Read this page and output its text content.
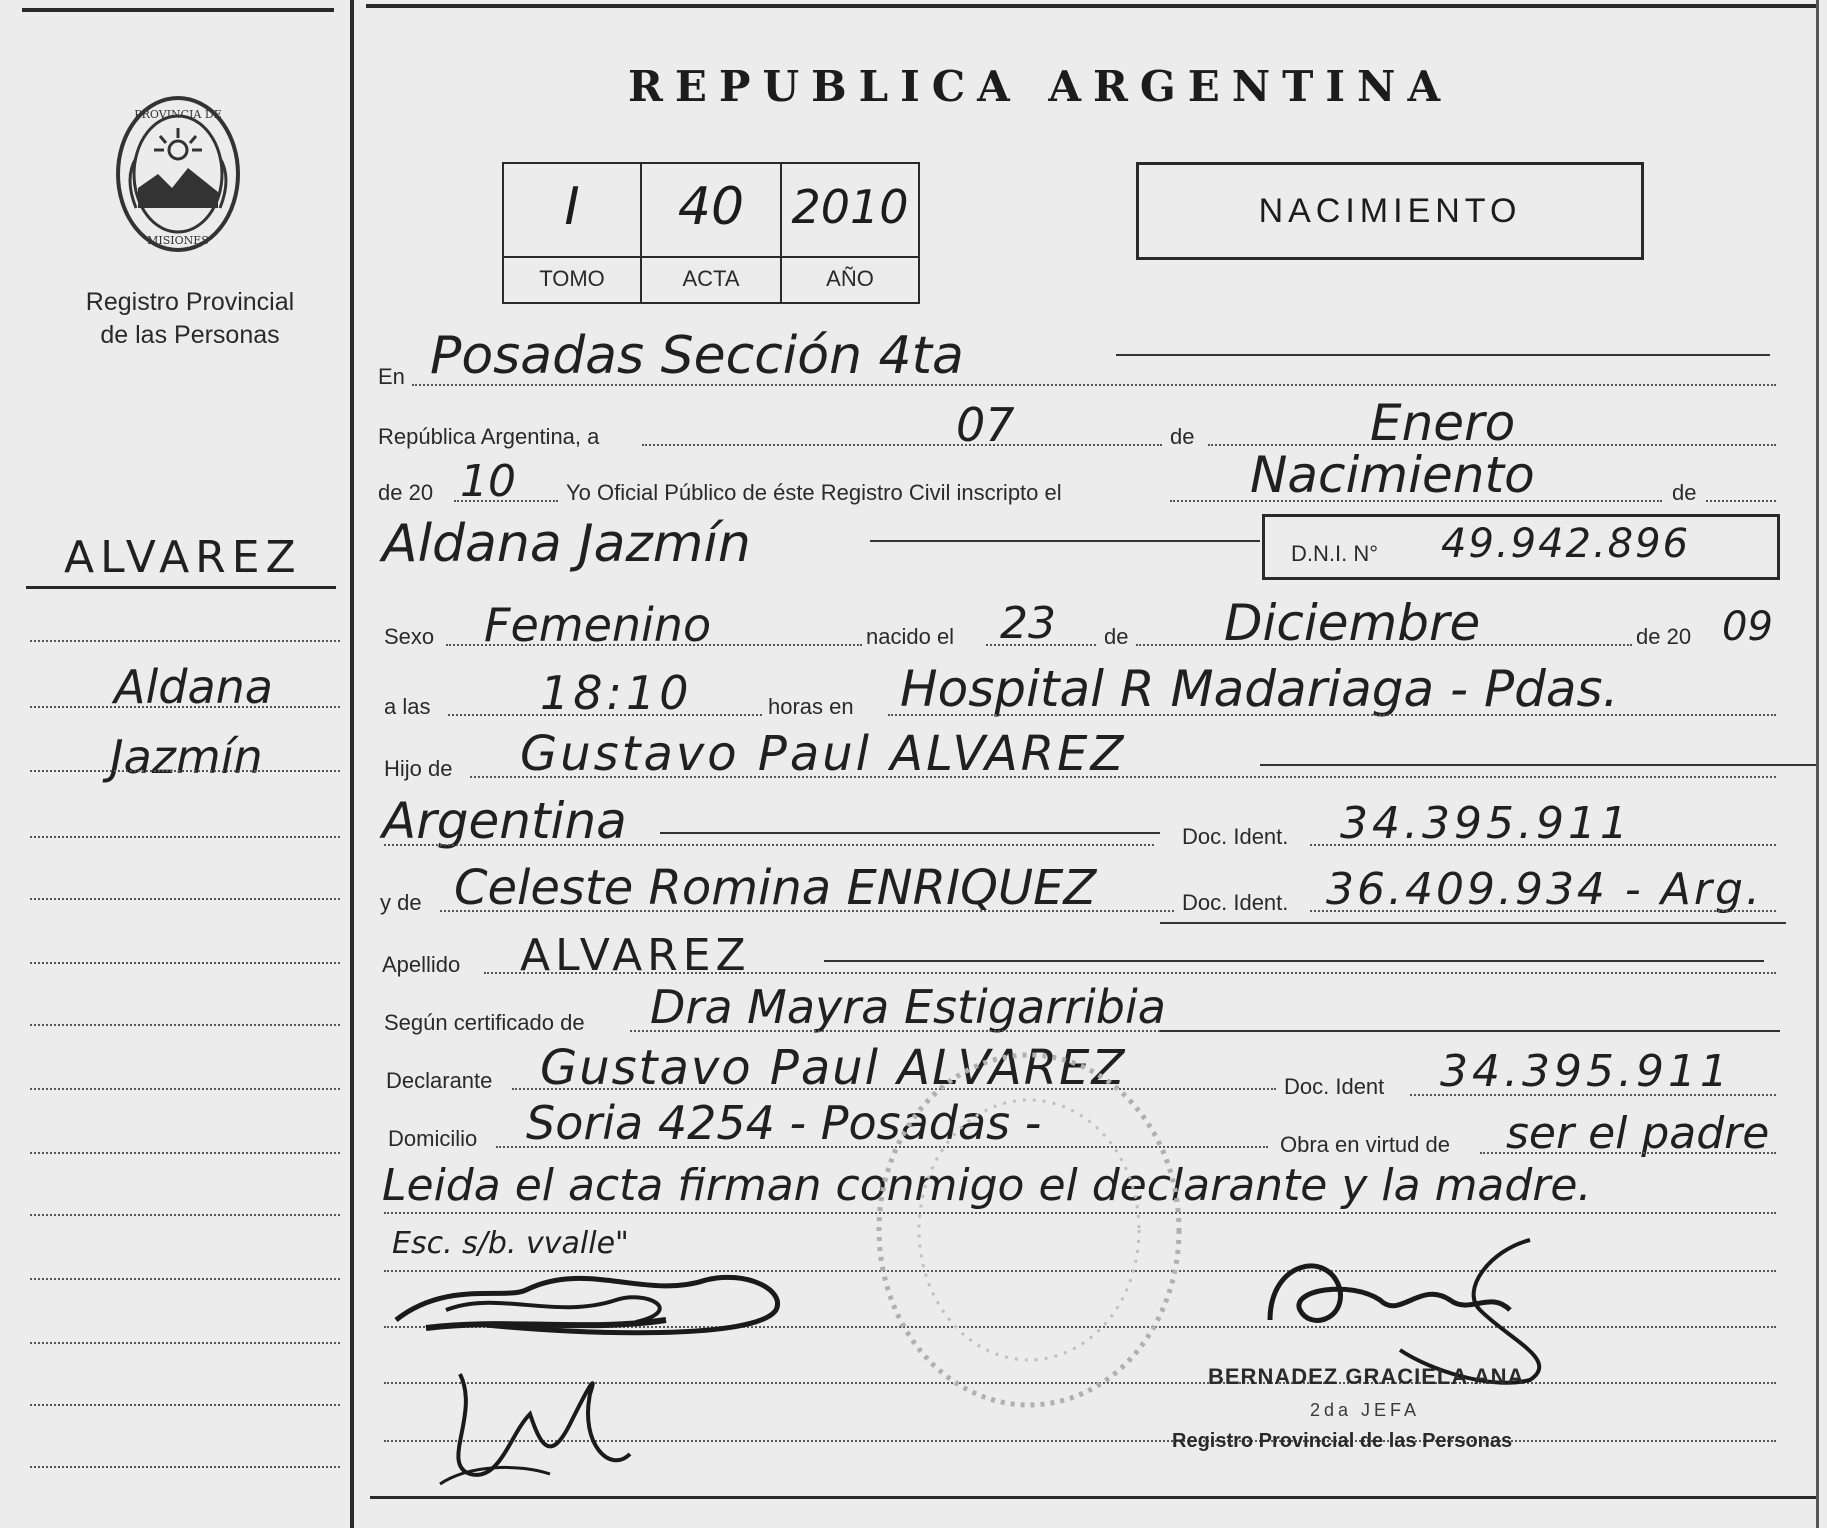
PROVINCIA DE
MISIONES
Registro Provincial
de las Personas
ALVAREZ
Aldana
Jazmín
REPUBLICA ARGENTINA
I	40	2010
TOMO	ACTA	AÑO
NACIMIENTO
En Posadas Sección 4ta
República Argentina, a	07	de	Enero
de 20 10 Yo Oficial Público de éste Registro Civil inscripto el	Nacimiento	de
Aldana Jazmín	D.N.I. N° 49.942.896
Sexo Femenino	nacido el 23 de Diciembre	de 20 09
a las 18:10	horas en Hospital R Madariaga - Pdas.
Hijo de Gustavo Paul ALVAREZ
Argentina	Doc. Ident. 34.395.911
y de Celeste Romina ENRIQUEZ	Doc. Ident. 36.409.934 - Arg.
Apellido ALVAREZ
Según certificado de Dra Mayra Estigarribia
Declarante Gustavo Paul ALVAREZ	Doc. Ident 34.395.911
Domicilio Soria 4254 - Posadas -	Obra en virtud de ser el padre
Leida el acta firman conmigo el declarante y la madre.
Esc. s/b. vvalle"
BERNADEZ GRACIELA ANA
2da JEFA
Registro Provincial de las Personas
